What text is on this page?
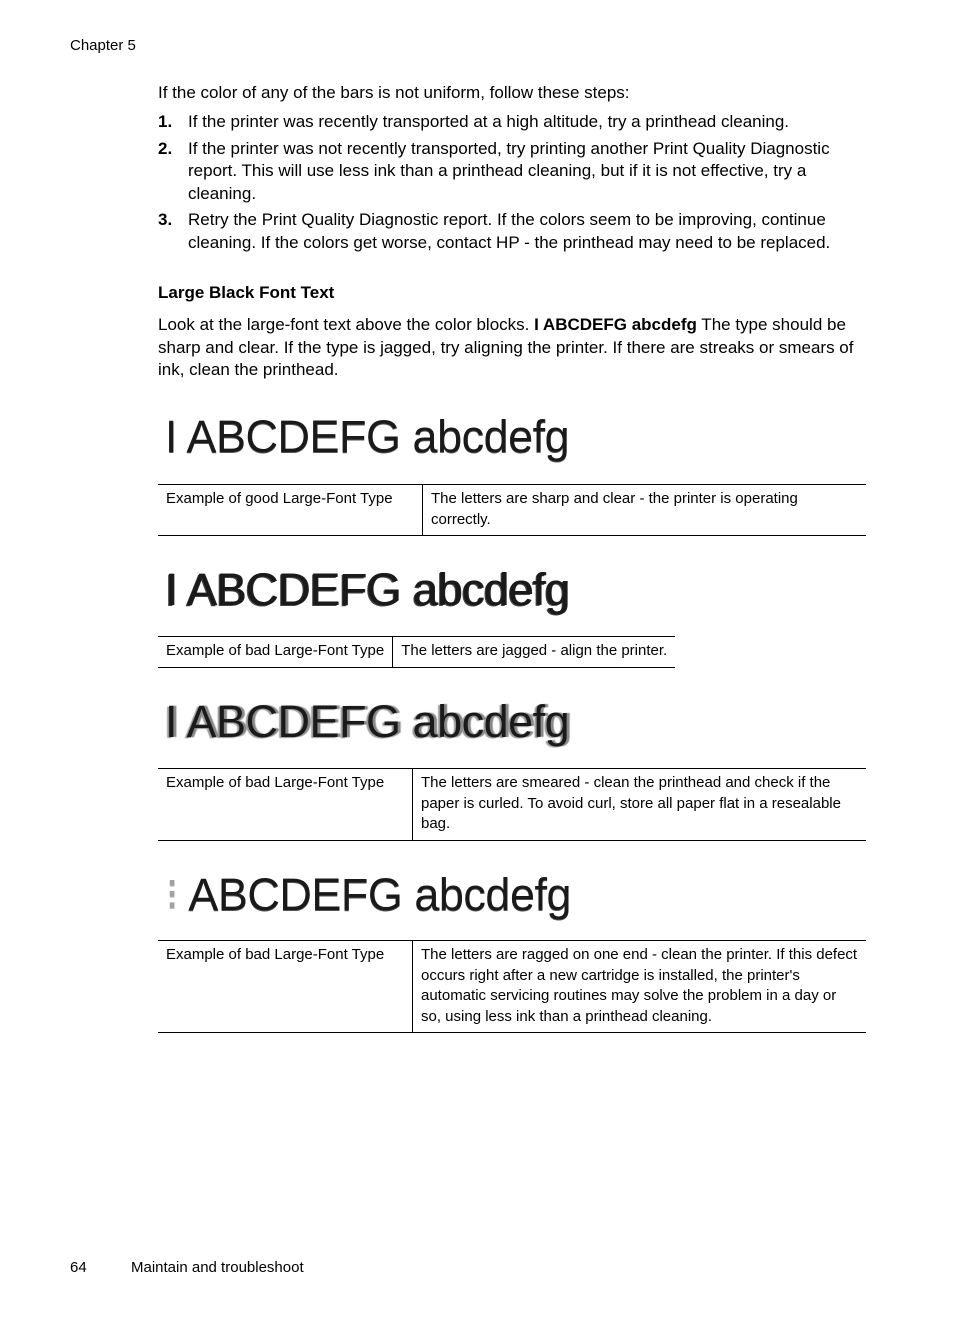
Chapter 5
If the color of any of the bars is not uniform, follow these steps:
1. If the printer was recently transported at a high altitude, try a printhead cleaning.
2. If the printer was not recently transported, try printing another Print Quality Diagnostic report. This will use less ink than a printhead cleaning, but if it is not effective, try a cleaning.
3. Retry the Print Quality Diagnostic report. If the colors seem to be improving, continue cleaning. If the colors get worse, contact HP - the printhead may need to be replaced.
Large Black Font Text
Look at the large-font text above the color blocks. I ABCDEFG abcdefg The type should be sharp and clear. If the type is jagged, try aligning the printer. If there are streaks or smears of ink, clean the printhead.
I ABCDEFG abcdefg
Example of good Large-Font Type	The letters are sharp and clear - the printer is operating correctly.
I ABCDEFG abcdefg
Example of bad Large-Font Type	The letters are jagged - align the printer.
I ABCDEFG abcdefg
Example of bad Large-Font Type	The letters are smeared - clean the printhead and check if the paper is curled. To avoid curl, store all paper flat in a resealable bag.
⁝ ABCDEFG abcdefg
Example of bad Large-Font Type	The letters are ragged on one end - clean the printer. If this defect occurs right after a new cartridge is installed, the printer's automatic servicing routines may solve the problem in a day or so, using less ink than a printhead cleaning.
64	Maintain and troubleshoot
